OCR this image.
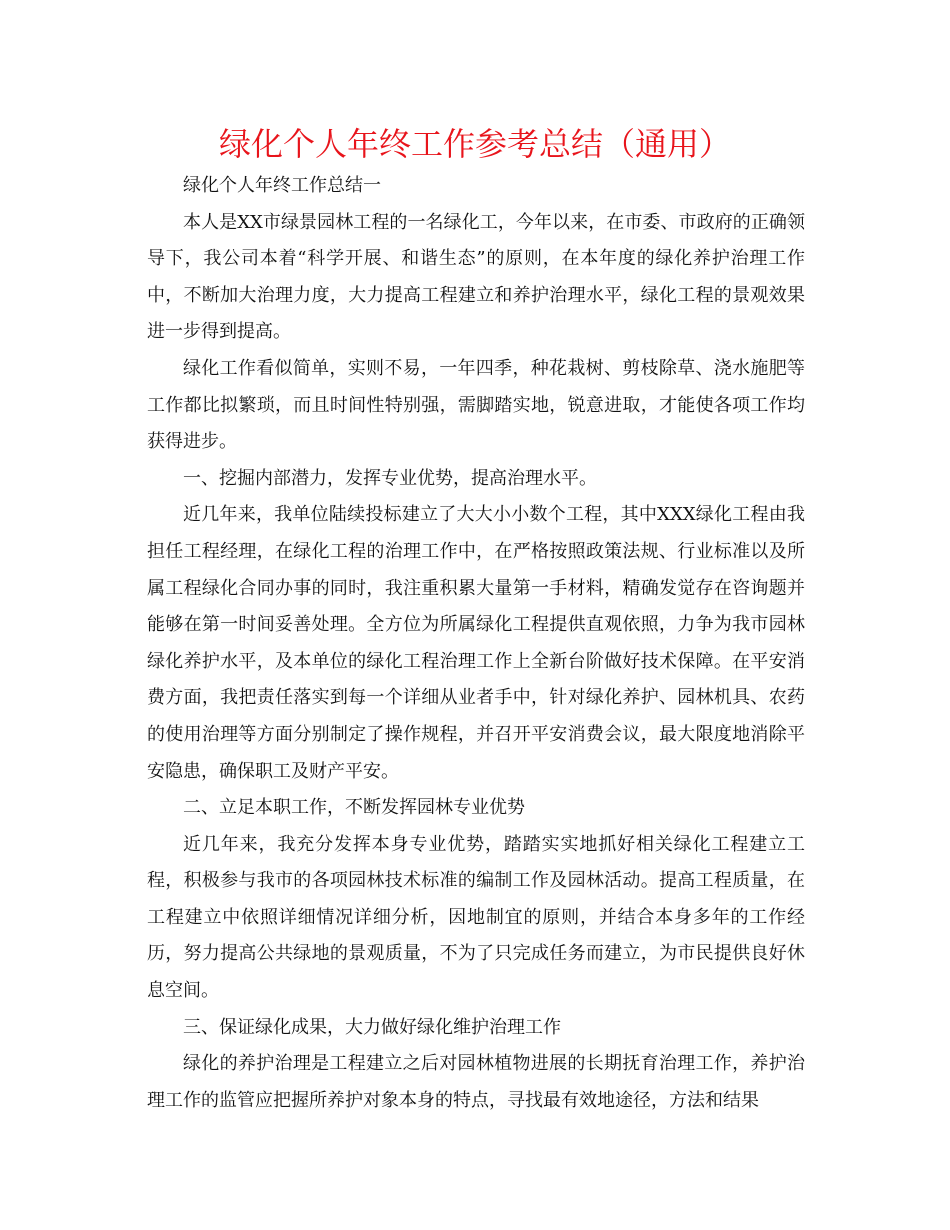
绿化个人年终工作参考总结（通用）

绿化个人年终工作总结一

本人是XX市绿景园林工程的一名绿化工，今年以来，在市委、市政府的正确领导下，我公司本着“科学开展、和谐生态”的原则，在本年度的绿化养护治理工作中，不断加大治理力度，大力提高工程建立和养护治理水平，绿化工程的景观效果进一步得到提高。

绿化工作看似简单，实则不易，一年四季，种花栽树、剪枝除草、浇水施肥等工作都比拟繁琐，而且时间性特别强，需脚踏实地，锐意进取，才能使各项工作均获得进步。

一、挖掘内部潜力，发挥专业优势，提高治理水平。

近几年来，我单位陆续投标建立了大大小小数个工程，其中XXX绿化工程由我担任工程经理，在绿化工程的治理工作中，在严格按照政策法规、行业标准以及所属工程绿化合同办事的同时，我注重积累大量第一手材料，精确发觉存在咨询题并能够在第一时间妥善处理。全方位为所属绿化工程提供直观依照，力争为我市园林绿化养护水平，及本单位的绿化工程治理工作上全新台阶做好技术保障。在平安消费方面，我把责任落实到每一个详细从业者手中，针对绿化养护、园林机具、农药的使用治理等方面分别制定了操作规程，并召开平安消费会议，最大限度地消除平安隐患，确保职工及财产平安。

二、立足本职工作，不断发挥园林专业优势

近几年来，我充分发挥本身专业优势，踏踏实实地抓好相关绿化工程建立工程，积极参与我市的各项园林技术标准的编制工作及园林活动。提高工程质量，在工程建立中依照详细情况详细分析，因地制宜的原则，并结合本身多年的工作经历，努力提高公共绿地的景观质量，不为了只完成任务而建立，为市民提供良好休息空间。

三、保证绿化成果，大力做好绿化维护治理工作

绿化的养护治理是工程建立之后对园林植物进展的长期抚育治理工作，养护治理工作的监管应把握所养护对象本身的特点，寻找最有效地途径，方法和结果
